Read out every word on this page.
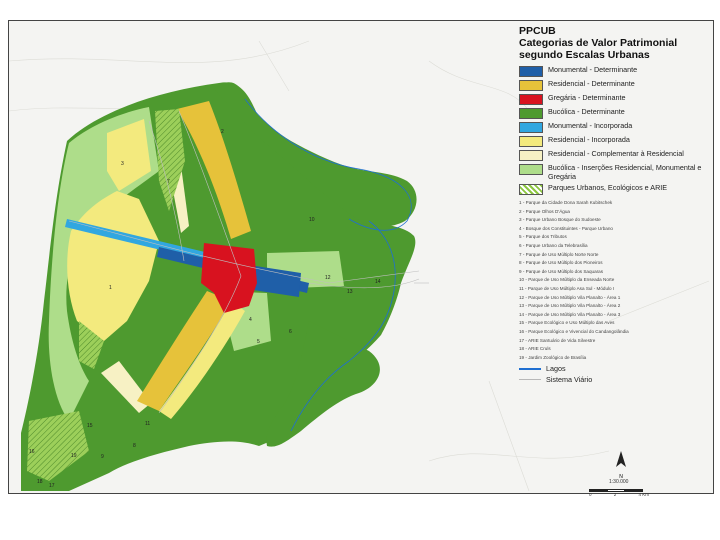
1
2
3
4
5
6
7
8
9
10
11
12
13
14
15
16
17
18
19
PPCUB
Categorias de Valor Patrimonial
segundo Escalas Urbanas
Monumental - Determinante
Residencial - Determinante
Gregária - Determinante
Bucólica - Determinante
Monumental - Incorporada
Residencial - Incorporada
Residencial - Complementar à Residencial
Bucólica - Inserções Residencial, Monumental e Gregária
Parques Urbanos, Ecológicos e ARIE
1 - Parque da Cidade Dona Sarah Kubitschek
2 - Parque Olhos D'Água
3 - Parque Urbano Bosque do Sudoeste
4 - Bosque dos Constituintes - Parque Urbano
5 - Parque dos Tributos
6 - Parque Urbano da Telebrasília
7 - Parque de Uso Múltiplo Norte Norte
8 - Parque de Uso Múltiplo dos Pioneiros
9 - Parque de Uso Múltiplo dos Saquaras
10 - Parque de Uso Múltiplo da Enseada Norte
11 - Parque de Uso Múltiplo Asa Sul - Módulo I
12 - Parque de Uso Múltiplo Vila Planalto - Área 1
13 - Parque de Uso Múltiplo Vila Planalto - Área 2
14 - Parque de Uso Múltiplo Vila Planalto - Área 3
15 - Parque Ecológico e Uso Múltiplo das Aves
16 - Parque Ecológico e Vivencial do Candangolândia
17 - ARIE Santuário de Vida Silvestre
18 - ARIE Cruls
19 - Jardim Zoológico de Brasília
Lagos
Sistema Viário
N
1:30.000
0	2	4 Km
